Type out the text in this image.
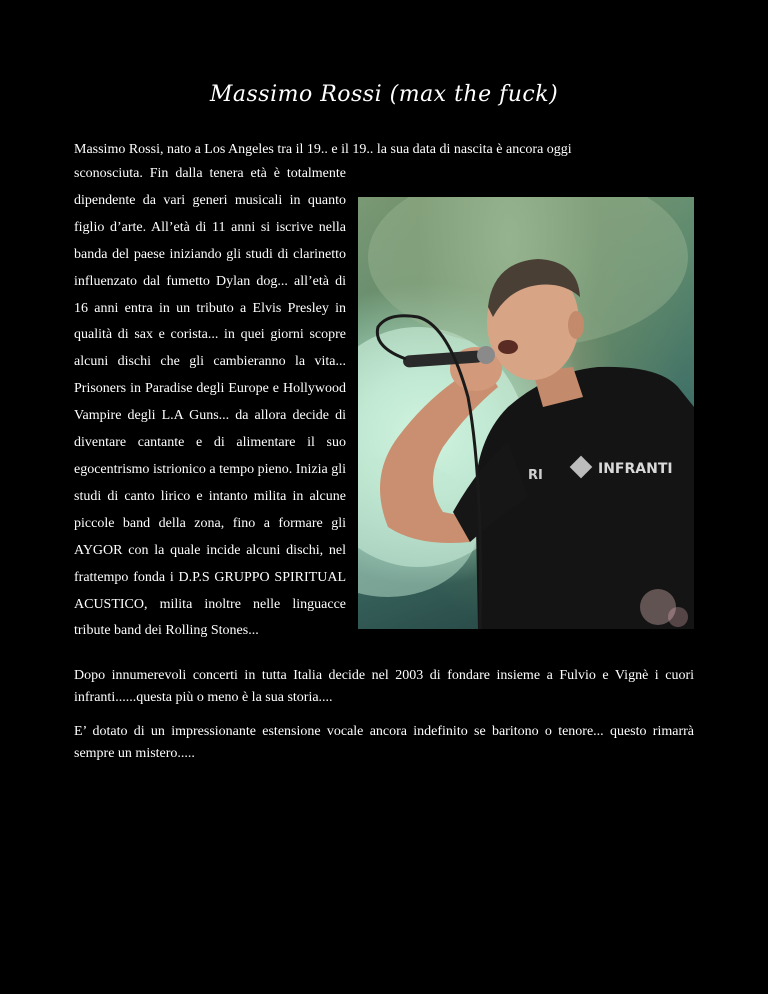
Massimo Rossi (max the fuck)
Massimo Rossi, nato a Los Angeles tra il 19.. e il 19.. la sua data di nascita è ancora oggi
sconosciuta. Fin dalla tenera età è totalmente dipendente da vari generi musicali in quanto figlio d’arte. All’età di 11 anni si iscrive nella banda del paese iniziando gli studi di clarinetto influenzato dal fumetto Dylan dog... all’età di 16 anni entra in un tributo a Elvis Presley in qualità di sax e corista... in quei giorni scopre alcuni dischi che gli cambieranno la vita... Prisoners in Paradise degli Europe e Hollywood Vampire degli L.A Guns... da allora decide di diventare cantante e di alimentare il suo egocentrismo istrionico a tempo pieno. Inizia gli studi di canto lirico e intanto milita in alcune piccole band della zona, fino a formare gli AYGOR con la quale incide alcuni dischi, nel frattempo fonda i D.P.S GRUPPO SPIRITUAL ACUSTICO, milita inoltre nelle linguacce tribute band dei Rolling Stones...
INFRANTI
RI
Dopo innumerevoli concerti in tutta Italia decide nel 2003 di fondare insieme a Fulvio e Vignè i cuori infranti......questa più o meno è la sua storia....
E’ dotato di un impressionante estensione vocale ancora indefinito se baritono o tenore... questo rimarrà sempre un mistero.....
